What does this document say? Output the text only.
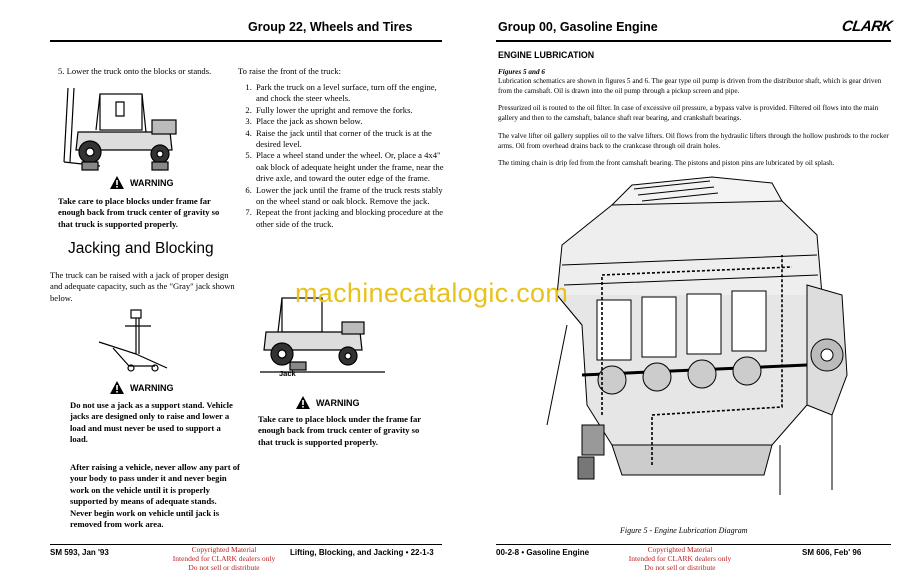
Group 22, Wheels and Tires
5. Lower the truck onto the blocks or stands.
WARNING
Take care to place blocks under frame far enough back from truck center of gravity so that truck is supported properly.
Jacking and Blocking
The truck can be raised with a jack of proper design and adequate capacity, such as the "Gray" jack shown below.
WARNING
Do not use a jack as a support stand. Vehicle jacks are designed only to raise and lower a load and must never be used to support a load.
After raising a vehicle, never allow any part of your body to pass under it and never begin work on the vehicle until it is properly supported by means of adequate stands. Never begin work on vehicle until jack is removed from work area.
To raise the front of the truck:
1. Park the truck on a level surface, turn off the engine, and chock the steer wheels.
2. Fully lower the upright and remove the forks.
3. Place the jack as shown below.
4. Raise the jack until that corner of the truck is at the desired level.
5. Place a wheel stand under the wheel. Or, place a 4x4" oak block of adequate height under the frame, near the drive axle, and toward the outer edge of the frame.
6. Lower the jack until the frame of the truck rests stably on the wheel stand or oak block. Remove the jack.
7. Repeat the front jacking and blocking procedure at the other side of the truck.
Jack
WARNING
Take care to place block under the frame far enough back from truck center of gravity so that truck is supported properly.
SM 593, Jan '93	Copyrighted Material
Intended for CLARK dealers only
Do not sell or distribute
Lifting, Blocking, and Jacking • 22-1-3
Group 00, Gasoline Engine	CLARK
ENGINE LUBRICATION
Figures 5 and 6
Lubrication schematics are shown in figures 5 and 6. The gear type oil pump is driven from the distributor shaft, which is gear driven from the camshaft. Oil is drawn into the oil pump through a pickup screen and pipe.
Pressurized oil is routed to the oil filter. In case of excessive oil pressure, a bypass valve is provided. Filtered oil flows into the main gallery and then to the camshaft, balance shaft rear bearing, and crankshaft bearings.
The valve lifter oil gallery supplies oil to the valve lifters. Oil flows from the hydraulic lifters through the hollow pushrods to the rocker arms. Oil from overhead drains back to the crankcase through oil drain holes.
The timing chain is drip fed from the front camshaft bearing. The pistons and piston pins are lubricated by oil splash.
Figure 5 - Engine Lubrication Diagram
00-2-8 • Gasoline Engine	Copyrighted Material
Intended for CLARK dealers only
Do not sell or distribute
SM 606, Feb' 96
machinecatalogic.com
